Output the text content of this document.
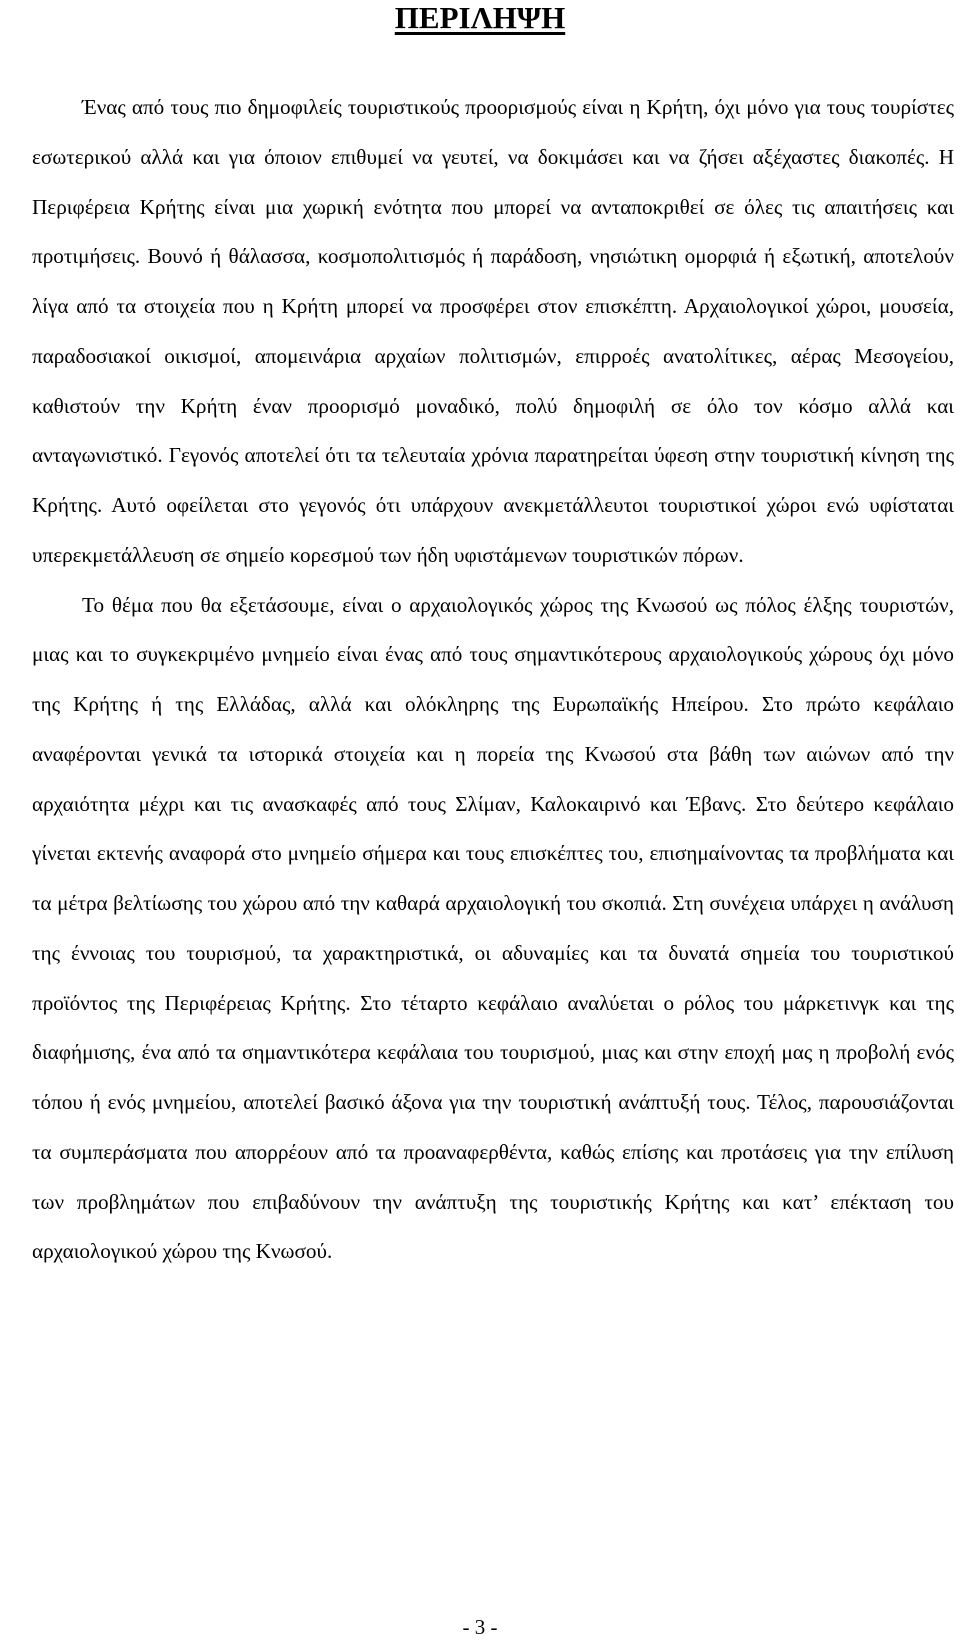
ΠΕΡΙΛΗΨΗ

Ένας από τους πιο δημοφιλείς τουριστικούς προορισμούς είναι η Κρήτη, όχι μόνο για τους τουρίστες εσωτερικού αλλά και για όποιον επιθυμεί να γευτεί, να δοκιμάσει και να ζήσει αξέχαστες διακοπές. Η Περιφέρεια Κρήτης είναι μια χωρική ενότητα που μπορεί να ανταποκριθεί σε όλες τις απαιτήσεις και προτιμήσεις. Βουνό ή θάλασσα, κοσμοπολιτισμός ή παράδοση, νησιώτικη ομορφιά ή εξωτική, αποτελούν λίγα από τα στοιχεία που η Κρήτη μπορεί να προσφέρει στον επισκέπτη. Αρχαιολογικοί χώροι, μουσεία, παραδοσιακοί οικισμοί, απομεινάρια αρχαίων πολιτισμών, επιρροές ανατολίτικες, αέρας Μεσογείου, καθιστούν την Κρήτη έναν προορισμό μοναδικό, πολύ δημοφιλή σε όλο τον κόσμο αλλά και ανταγωνιστικό. Γεγονός αποτελεί ότι τα τελευταία χρόνια παρατηρείται ύφεση στην τουριστική κίνηση της Κρήτης. Αυτό οφείλεται στο γεγονός ότι υπάρχουν ανεκμετάλλευτοι τουριστικοί χώροι ενώ υφίσταται υπερεκμετάλλευση σε σημείο κορεσμού των ήδη υφιστάμενων τουριστικών πόρων.

Το θέμα που θα εξετάσουμε, είναι ο αρχαιολογικός χώρος της Κνωσού ως πόλος έλξης τουριστών, μιας και το συγκεκριμένο μνημείο είναι ένας από τους σημαντικότερους αρχαιολογικούς χώρους όχι μόνο της Κρήτης ή της Ελλάδας, αλλά και ολόκληρης της Ευρωπαϊκής Ηπείρου. Στο πρώτο κεφάλαιο αναφέρονται γενικά τα ιστορικά στοιχεία και η πορεία της Κνωσού στα βάθη των αιώνων από την αρχαιότητα μέχρι και τις ανασκαφές από τους Σλίμαν, Καλοκαιρινό και Έβανς. Στο δεύτερο κεφάλαιο γίνεται εκτενής αναφορά στο μνημείο σήμερα και τους επισκέπτες του, επισημαίνοντας τα προβλήματα και τα μέτρα βελτίωσης του χώρου από την καθαρά αρχαιολογική του σκοπιά. Στη συνέχεια υπάρχει η ανάλυση της έννοιας του τουρισμού, τα χαρακτηριστικά, οι αδυναμίες και τα δυνατά σημεία του τουριστικού προϊόντος της Περιφέρειας Κρήτης. Στο τέταρτο κεφάλαιο αναλύεται ο ρόλος του μάρκετινγκ και της διαφήμισης, ένα από τα σημαντικότερα κεφάλαια του τουρισμού, μιας και στην εποχή μας η προβολή ενός τόπου ή ενός μνημείου, αποτελεί βασικό άξονα για την τουριστική ανάπτυξή τους. Τέλος, παρουσιάζονται τα συμπεράσματα που απορρέουν από τα προαναφερθέντα, καθώς επίσης και προτάσεις για την επίλυση των προβλημάτων που επιβαδύνουν την ανάπτυξη της τουριστικής Κρήτης και κατ’ επέκταση του αρχαιολογικού χώρου της Κνωσού.

- 3 -
